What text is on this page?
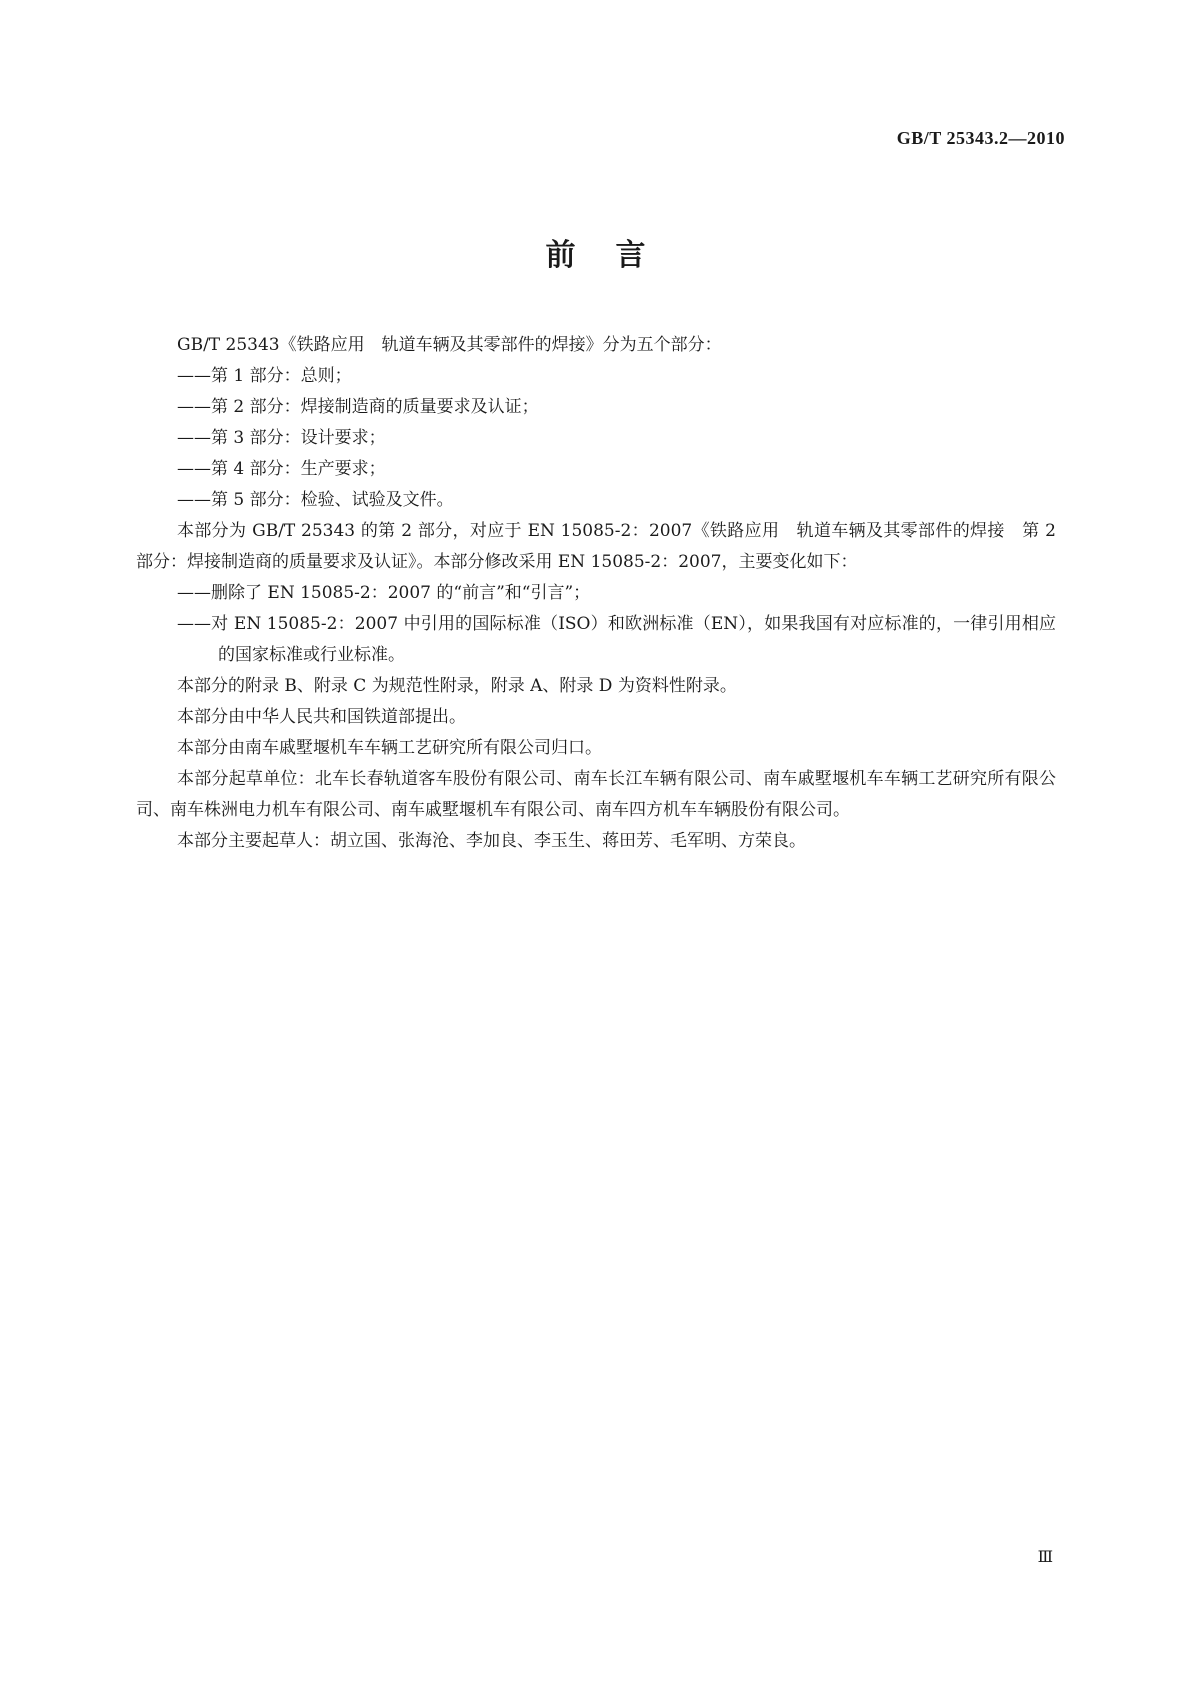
GB/T 25343.2—2010
前言

GB/T 25343《铁路应用　轨道车辆及其零部件的焊接》分为五个部分：

——第 1 部分：总则；

——第 2 部分：焊接制造商的质量要求及认证；

——第 3 部分：设计要求；

——第 4 部分：生产要求；

——第 5 部分：检验、试验及文件。

本部分为 GB/T 25343 的第 2 部分，对应于 EN 15085-2：2007《铁路应用　轨道车辆及其零部件的焊接　第 2 部分：焊接制造商的质量要求及认证》。本部分修改采用 EN 15085-2：2007，主要变化如下：

——删除了 EN 15085-2：2007 的“前言”和“引言”；

——对 EN 15085-2：2007 中引用的国际标准（ISO）和欧洲标准（EN），如果我国有对应标准的，一律引用相应的国家标准或行业标准。

本部分的附录 B、附录 C 为规范性附录，附录 A、附录 D 为资料性附录。

本部分由中华人民共和国铁道部提出。

本部分由南车戚墅堰机车车辆工艺研究所有限公司归口。

本部分起草单位：北车长春轨道客车股份有限公司、南车长江车辆有限公司、南车戚墅堰机车车辆工艺研究所有限公司、南车株洲电力机车有限公司、南车戚墅堰机车有限公司、南车四方机车车辆股份有限公司。

本部分主要起草人：胡立国、张海沧、李加良、李玉生、蒋田芳、毛军明、方荣良。

Ⅲ
